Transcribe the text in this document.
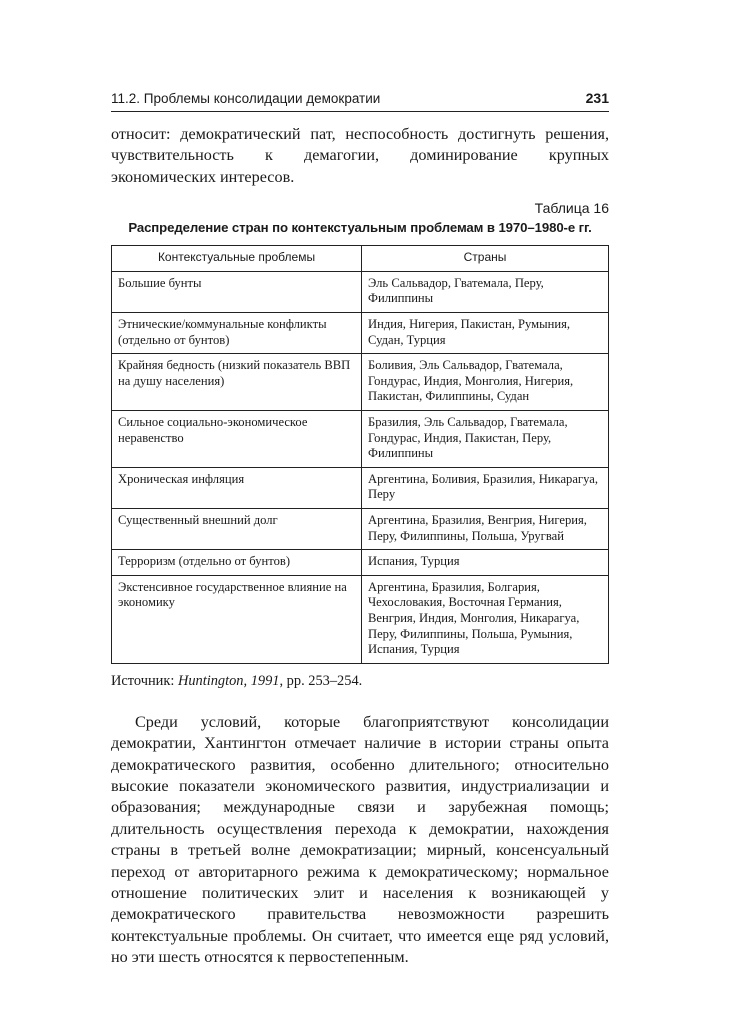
11.2. Проблемы консолидации демократии	231

относит: демократический пат, неспособность достигнуть решения, чувствительность к демагогии, доминирование крупных экономических интересов.

Таблица 16
Распределение стран по контекстуальным проблемам в 1970–1980-е гг.
Контекстуальные проблемы	Страны
Большие бунты	Эль Сальвадор, Гватемала, Перу, Филиппины
Этнические/коммунальные конфликты (отдельно от бунтов)	Индия, Нигерия, Пакистан, Румыния, Судан, Турция
Крайняя бедность (низкий показатель ВВП на душу населения)	Боливия, Эль Сальвадор, Гватемала, Гондурас, Индия, Монголия, Нигерия, Пакистан, Филиппины, Судан
Сильное социально-экономическое неравенство	Бразилия, Эль Сальвадор, Гватемала, Гондурас, Индия, Пакистан, Перу, Филиппины
Хроническая инфляция	Аргентина, Боливия, Бразилия, Никарагуа, Перу
Существенный внешний долг	Аргентина, Бразилия, Венгрия, Нигерия, Перу, Филиппины, Польша, Уругвай
Терроризм (отдельно от бунтов)	Испания, Турция
Экстенсивное государственное влияние на экономику	Аргентина, Бразилия, Болгария, Чехословакия, Восточная Германия, Венгрия, Индия, Монголия, Никарагуа, Перу, Филиппины, Польша, Румыния, Испания, Турция
Источник: Huntington, 1991, pp. 253–254.

Среди условий, которые благоприятствуют консолидации демократии, Хантингтон отмечает наличие в истории страны опыта демократического развития, особенно длительного; относительно высокие показатели экономического развития, индустриализации и образования; международные связи и зарубежная помощь; длительность осуществления перехода к демократии, нахождения страны в третьей волне демократизации; мирный, консенсуальный переход от авторитарного режима к демократическому; нормальное отношение политических элит и населения к возникающей у демократического правительства невозможности разрешить контекстуальные проблемы. Он считает, что имеется еще ряд условий, но эти шесть относятся к первостепенным.
